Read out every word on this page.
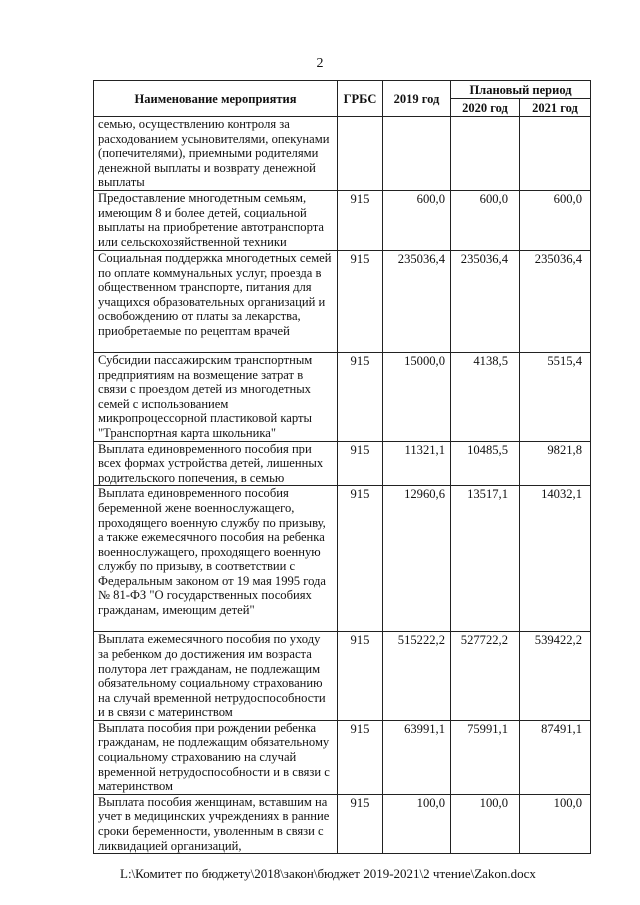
2
Наименование мероприятия	ГРБС	2019 год	Плановый период	
			2020 год	2021 год
семью, осуществлению контроля за расходованием усыновителями, опекунами (попечителями), приемными родителями денежной выплаты и возврату денежной выплаты				
Предоставление многодетным семьям, имеющим 8 и более детей, социальной выплаты на приобретение автотранспорта или сельскохозяйственной техники	915	600,0	600,0	600,0
Социальная поддержка многодетных семей по оплате коммунальных услуг, проезда в общественном транспорте, питания для учащихся образовательных организаций и освобождению от платы за лекарства, приобретаемые по рецептам врачей	915	235036,4	235036,4	235036,4
Субсидии пассажирским транспортным предприятиям на возмещение затрат в связи с проездом детей из многодетных семей с использованием микропроцессорной пластиковой карты "Транспортная карта школьника"	915	15000,0	4138,5	5515,4
Выплата единовременного пособия при всех формах устройства детей, лишенных родительского попечения, в семью	915	11321,1	10485,5	9821,8
Выплата единовременного пособия беременной жене военнослужащего, проходящего военную службу по призыву, а также ежемесячного пособия на ребенка военнослужащего, проходящего военную службу по призыву, в соответствии с Федеральным законом от 19 мая 1995 года № 81-ФЗ "О государственных пособиях гражданам, имеющим детей"	915	12960,6	13517,1	14032,1
Выплата ежемесячного пособия по уходу за ребенком до достижения им возраста полутора лет гражданам, не подлежащим обязательному социальному страхованию на случай временной нетрудоспособности и в связи с материнством	915	515222,2	527722,2	539422,2
Выплата пособия при рождении ребенка гражданам, не подлежащим обязательному социальному страхованию на случай временной нетрудоспособности и в связи с материнством	915	63991,1	75991,1	87491,1
Выплата пособия женщинам, вставшим на учет в медицинских учреждениях в ранние сроки беременности, уволенным в связи с ликвидацией организаций,	915	100,0	100,0	100,0
L:\Комитет по бюджету\2018\закон\бюджет 2019-2021\2 чтение\Zakon.docx
